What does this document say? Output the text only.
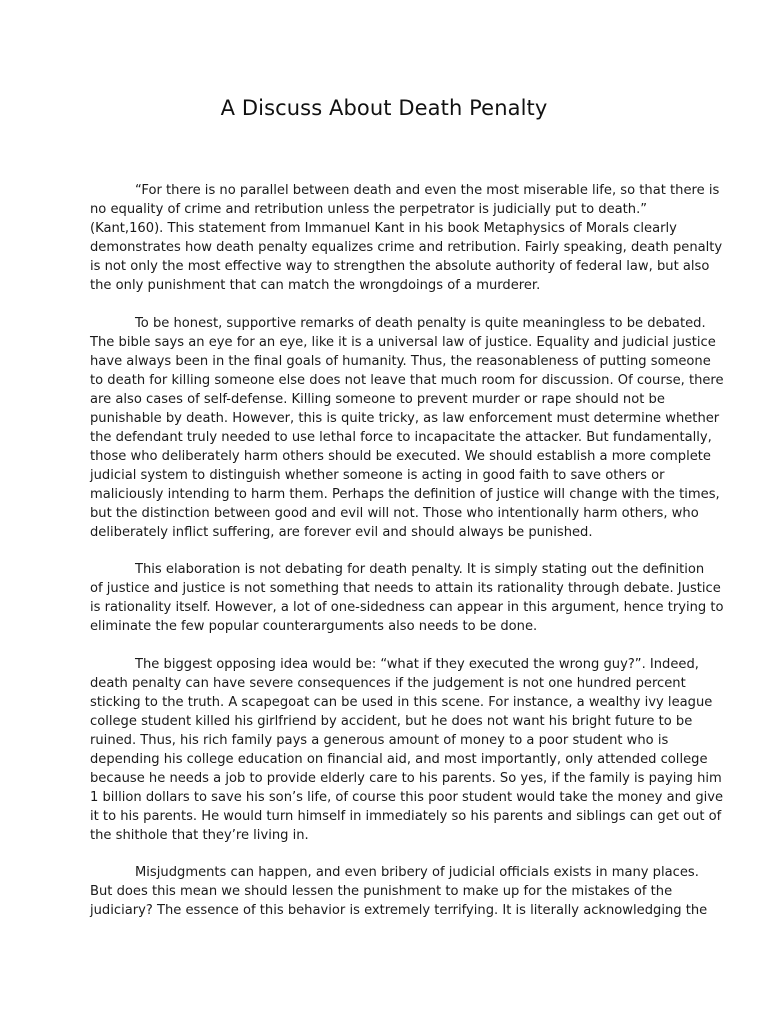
A Discuss About Death Penalty

“For there is no parallel between death and even the most miserable life, so that there is
no equality of crime and retribution unless the perpetrator is judicially put to death.”
(Kant,160). This statement from Immanuel Kant in his book Metaphysics of Morals clearly
demonstrates how death penalty equalizes crime and retribution. Fairly speaking, death penalty
is not only the most effective way to strengthen the absolute authority of federal law, but also
the only punishment that can match the wrongdoings of a murderer.

To be honest, supportive remarks of death penalty is quite meaningless to be debated.
The bible says an eye for an eye, like it is a universal law of justice. Equality and judicial justice
have always been in the final goals of humanity. Thus, the reasonableness of putting someone
to death for killing someone else does not leave that much room for discussion. Of course, there
are also cases of self-defense. Killing someone to prevent murder or rape should not be
punishable by death. However, this is quite tricky, as law enforcement must determine whether
the defendant truly needed to use lethal force to incapacitate the attacker. But fundamentally,
those who deliberately harm others should be executed. We should establish a more complete
judicial system to distinguish whether someone is acting in good faith to save others or
maliciously intending to harm them. Perhaps the definition of justice will change with the times,
but the distinction between good and evil will not. Those who intentionally harm others, who
deliberately inflict suffering, are forever evil and should always be punished.

This elaboration is not debating for death penalty. It is simply stating out the definition
of justice and justice is not something that needs to attain its rationality through debate. Justice
is rationality itself. However, a lot of one-sidedness can appear in this argument, hence trying to
eliminate the few popular counterarguments also needs to be done.

The biggest opposing idea would be: “what if they executed the wrong guy?”. Indeed,
death penalty can have severe consequences if the judgement is not one hundred percent
sticking to the truth. A scapegoat can be used in this scene. For instance, a wealthy ivy league
college student killed his girlfriend by accident, but he does not want his bright future to be
ruined. Thus, his rich family pays a generous amount of money to a poor student who is
depending his college education on financial aid, and most importantly, only attended college
because he needs a job to provide elderly care to his parents. So yes, if the family is paying him
1 billion dollars to save his son’s life, of course this poor student would take the money and give
it to his parents. He would turn himself in immediately so his parents and siblings can get out of
the shithole that they’re living in.

Misjudgments can happen, and even bribery of judicial officials exists in many places.
But does this mean we should lessen the punishment to make up for the mistakes of the
judiciary? The essence of this behavior is extremely terrifying. It is literally acknowledging the
